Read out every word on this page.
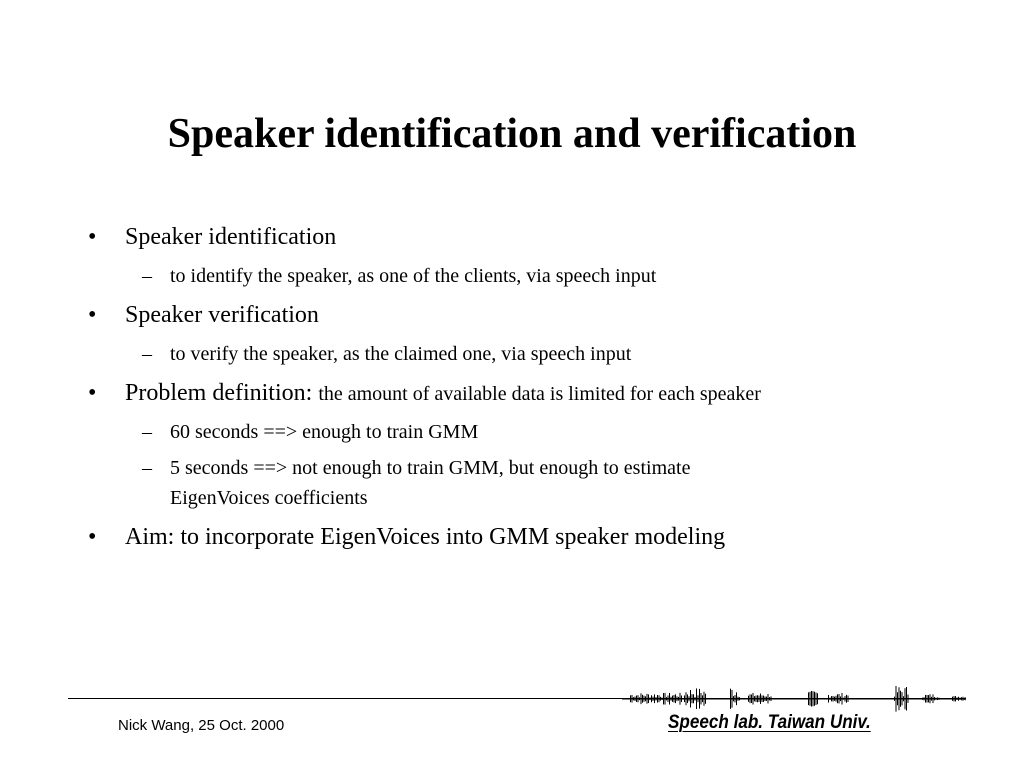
Speaker identification and verification
• Speaker identification
– to identify the speaker, as one of the clients, via speech input
• Speaker verification
– to verify the speaker, as the claimed one, via speech input
• Problem definition: the amount of available data is limited for each speaker
– 60 seconds ==> enough to train GMM
– 5 seconds ==> not enough to train GMM, but enough to estimate
EigenVoices coefficients
• Aim: to incorporate EigenVoices into GMM speaker modeling
Nick Wang, 25 Oct. 2000	Speech lab. Taiwan Univ.
